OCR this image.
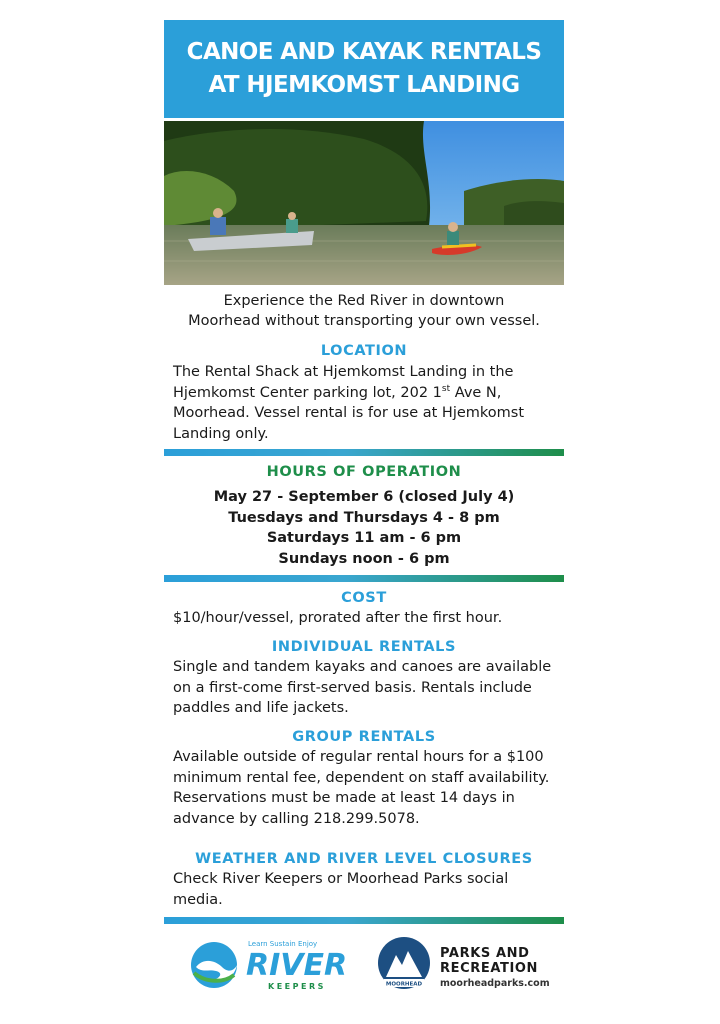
CANOE AND KAYAK RENTALS
AT HJEMKOMST LANDING
Experience the Red River in downtown
Moorhead without transporting your own vessel.
LOCATION
The Rental Shack at Hjemkomst Landing in the Hjemkomst Center parking lot, 202 1st Ave N, Moorhead. Vessel rental is for use at Hjemkomst Landing only.
HOURS OF OPERATION
May 27 - September 6 (closed July 4)
Tuesdays and Thursdays 4 - 8 pm
Saturdays 11 am - 6 pm
Sundays noon - 6 pm
COST
$10/hour/vessel, prorated after the first hour.
INDIVIDUAL RENTALS
Single and tandem kayaks and canoes are available on a first-come first-served basis. Rentals include paddles and life jackets.
GROUP RENTALS
Available outside of regular rental hours for a $100 minimum rental fee, dependent on staff availability. Reservations must be made at least 14 days in advance by calling 218.299.5078.
WEATHER AND RIVER LEVEL CLOSURES
Check River Keepers or Moorhead Parks social media.
Learn Sustain Enjoy
RIVER
KEEPERS	MOORHEAD
PARKS AND
RECREATION
moorheadparks.com
